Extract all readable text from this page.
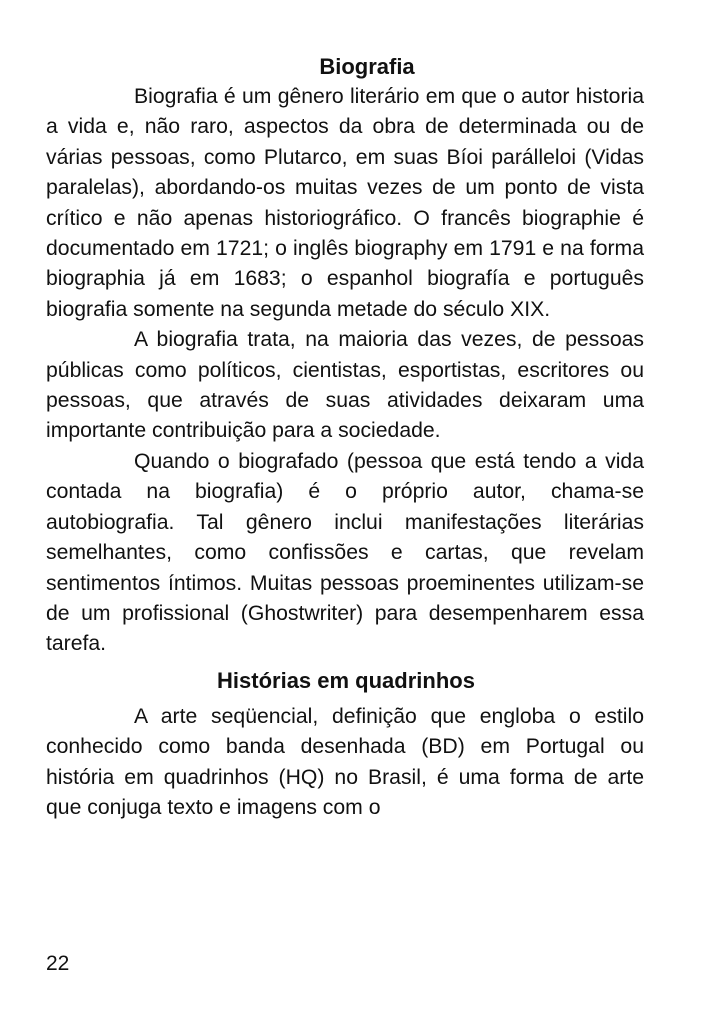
Biografia

Biografia é um gênero literário em que o autor historia a vida e, não raro, aspectos da obra de determinada ou de várias pessoas, como Plutarco, em suas Bíoi parálleloi (Vidas paralelas), abordando-os muitas vezes de um ponto de vista crítico e não apenas historiográfico. O francês biographie é documentado em 1721; o inglês biography em 1791 e na forma biographia já em 1683; o espanhol biografía e português biografia somente na segunda metade do século XIX.

A biografia trata, na maioria das vezes, de pessoas públicas como políticos, cientistas, esportistas, escritores ou pessoas, que através de suas atividades deixaram uma importante contribuição para a sociedade.

Quando o biografado (pessoa que está tendo a vida contada na biografia) é o próprio autor, chama-se autobiografia. Tal gênero inclui manifestações literárias semelhantes, como confissões e cartas, que revelam sentimentos íntimos. Muitas pessoas proeminentes utilizam-se de um profissional (Ghostwriter) para desempenharem essa tarefa.

Histórias em quadrinhos

A arte seqüencial, definição que engloba o estilo conhecido como banda desenhada (BD) em Portugal ou história em quadrinhos (HQ) no Brasil, é uma forma de arte que conjuga texto e imagens com o

22
